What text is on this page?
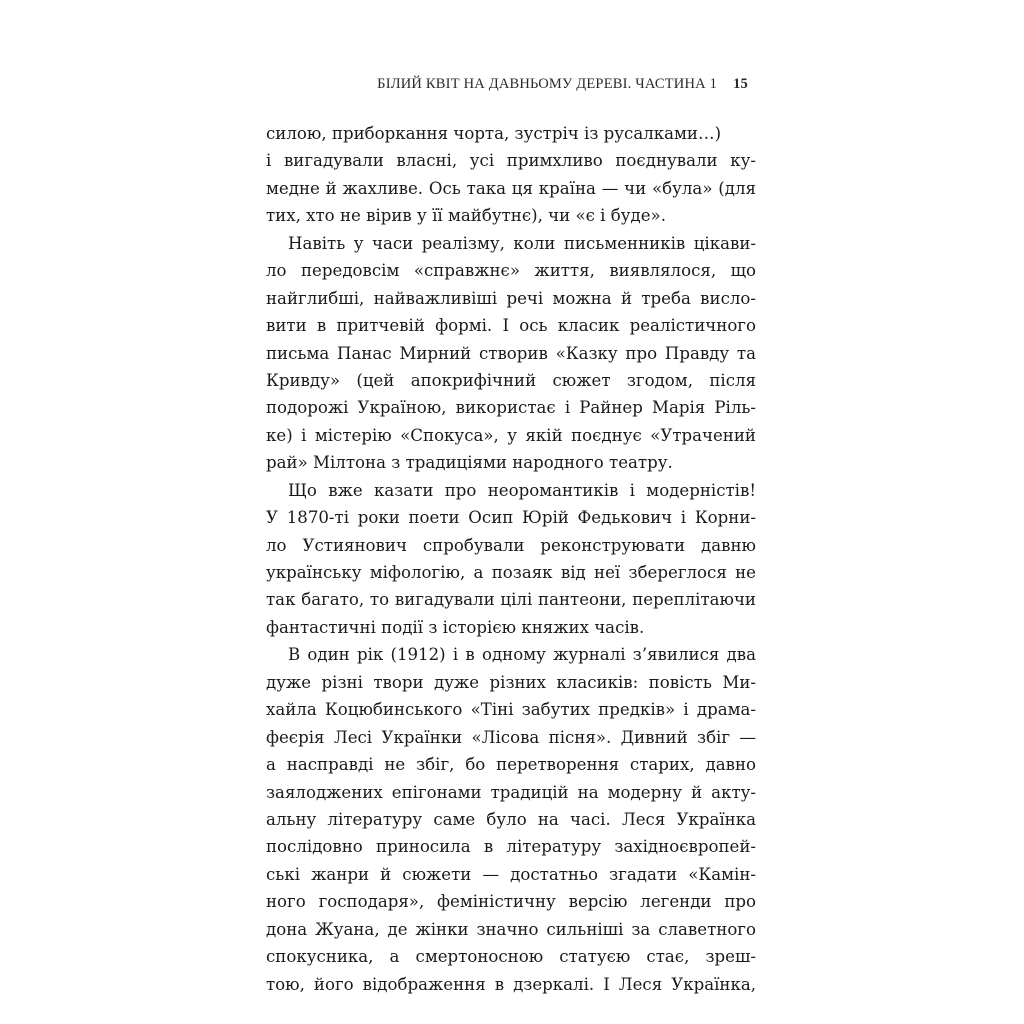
БІЛИЙ КВІТ НА ДАВНЬОМУ ДЕРЕВІ. ЧАСТИНА 1 15
силою, приборкання чорта, зустріч із русалками…)
і вигадували власні, усі примхливо поєднували ку-
медне й жахливе. Ось така ця країна — чи «була» (для
тих, хто не вірив у її майбутнє), чи «є і буде».
Навіть у часи реалізму, коли письменників цікави-
ло передовсім «справжнє» життя, виявлялося, що
найглибші, найважливіші речі можна й треба висло-
вити в притчевій формі. І ось класик реалістичного
письма Панас Мирний створив «Казку про Правду та
Кривду» (цей апокрифічний сюжет згодом, після
подорожі Україною, використає і Райнер Марія Ріль-
ке) і містерію «Спокуса», у якій поєднує «Утрачений
рай» Мілтона з традиціями народного театру.
Що вже казати про неоромантиків і модерністів!
У 1870-ті роки поети Осип Юрій Федькович і Корни-
ло Устиянович спробували реконструювати давню
українську міфологію, а позаяк від неї збереглося не
так багато, то вигадували цілі пантеони, переплітаючи
фантастичні події з історією княжих часів.
В один рік (1912) і в одному журналі з’явилися два
дуже різні твори дуже різних класиків: повість Ми-
хайла Коцюбинського «Тіні забутих предків» і драма-
феєрія Лесі Українки «Лісова пісня». Дивний збіг —
а насправді не збіг, бо перетворення старих, давно
заялоджених епігонами традицій на модерну й акту-
альну літературу саме було на часі. Леся Українка
послідовно приносила в літературу західноєвропей-
ські жанри й сюжети — достатньо згадати «Камін-
ного господаря», феміністичну версію легенди про
дона Жуана, де жінки значно сильніші за славетного
спокусника, а смертоносною статуєю стає, зреш-
тою, його відображення в дзеркалі. І Леся Українка,
